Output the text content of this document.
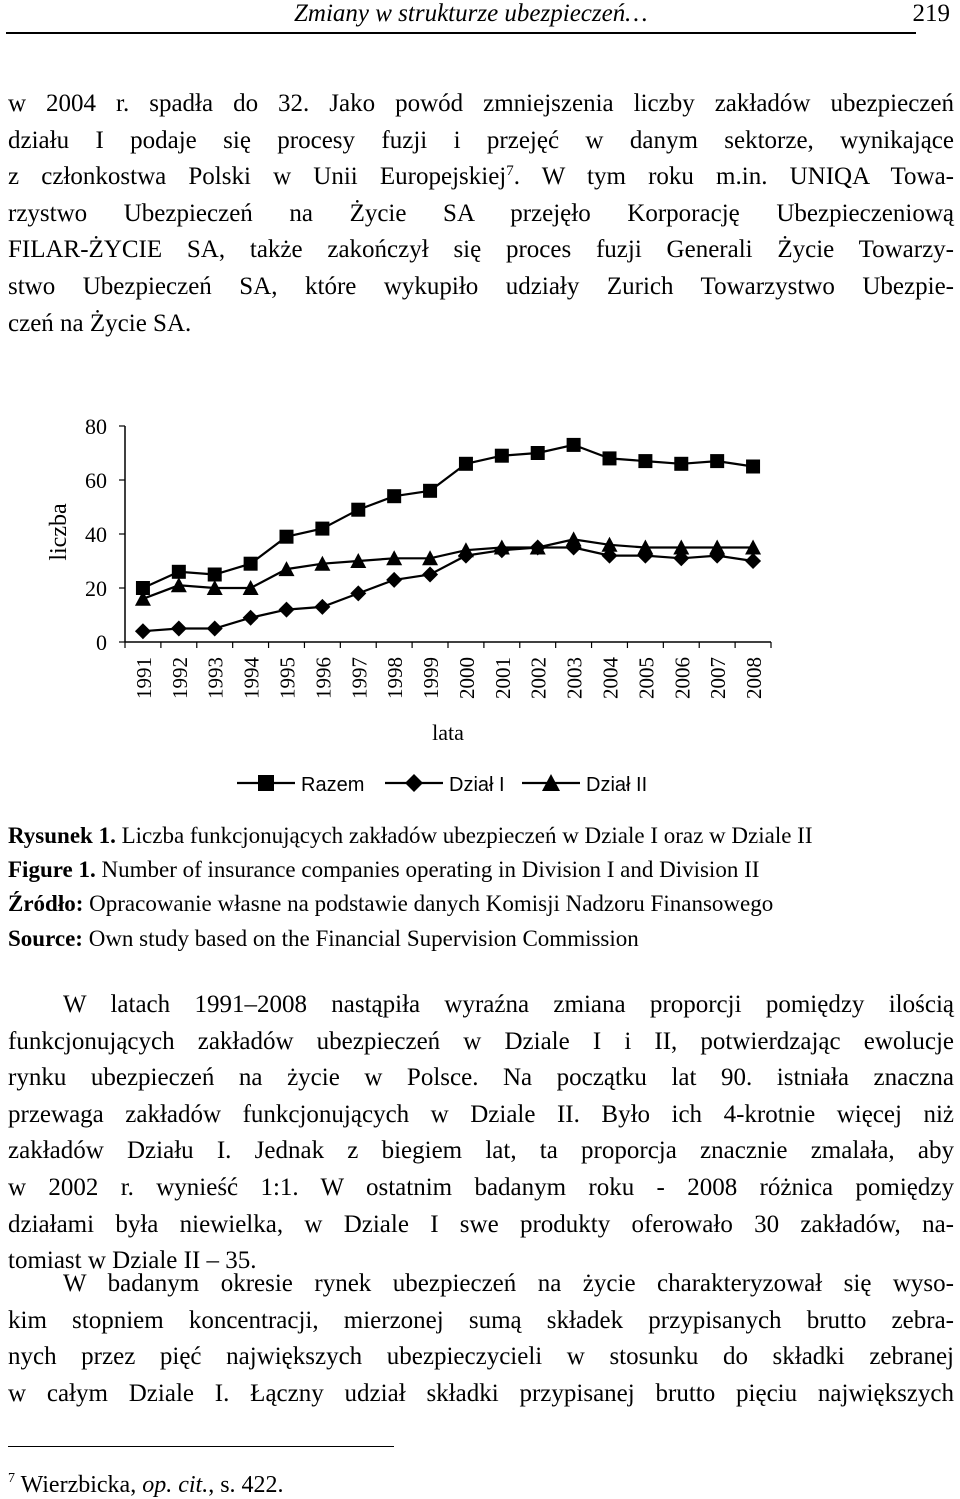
Zmiany w strukturze ubezpieczeń…	219
w 2004 r. spadła do 32. Jako powód zmniejszenia liczby zakładów ubezpieczeń
działu I podaje się procesy fuzji i przejęć w danym sektorze, wynikające
z członkostwa Polski w Unii Europejskiej$^7$. W tym roku m.in. UNIQA Towa-
rzystwo Ubezpieczeń na Życie SA przejęło Korporację Ubezpieczeniową
FILAR-ŻYCIE SA, także zakończył się proces fuzji Generali Życie Towarzy-
stwo Ubezpieczeń SA, które wykupiło udziały Zurich Towarzystwo Ubezpie-
czeń na Życie SA.
0
20
40
60
80
1991 1992 1993 1994 1995 1996 1997 1998 1999 2000 2001 2002 2003 2004 2005 2006 2007 2008
lata
liczba
Razem	Dział I	Dział II
Rysunek 1. Liczba funkcjonujących zakładów ubezpieczeń w Dziale I oraz w Dziale II
Figure 1. Number of insurance companies operating in Division I and Division II
Źródło: Opracowanie własne na podstawie danych Komisji Nadzoru Finansowego
Source: Own study based on the Financial Supervision Commission
W latach 1991–2008 nastąpiła wyraźna zmiana proporcji pomiędzy ilością
funkcjonujących zakładów ubezpieczeń w Dziale I i II, potwierdzając ewolucje
rynku ubezpieczeń na życie w Polsce. Na początku lat 90. istniała znaczna
przewaga zakładów funkcjonujących w Dziale II. Było ich 4-krotnie więcej niż
zakładów Działu I. Jednak z biegiem lat, ta proporcja znacznie zmalała, aby
w 2002 r. wynieść 1:1. W ostatnim badanym roku - 2008 różnica pomiędzy
działami była niewielka, w Dziale I swe produkty oferowało 30 zakładów, na-
tomiast w Dziale II – 35.
W badanym okresie rynek ubezpieczeń na życie charakteryzował się wyso-
kim stopniem koncentracji, mierzonej sumą składek przypisanych brutto zebra-
nych przez pięć największych ubezpieczycieli w stosunku do składki zebranej
w całym Dziale I. Łączny udział składki przypisanej brutto pięciu największych
$^7$ Wierzbicka, op. cit., s. 422.
